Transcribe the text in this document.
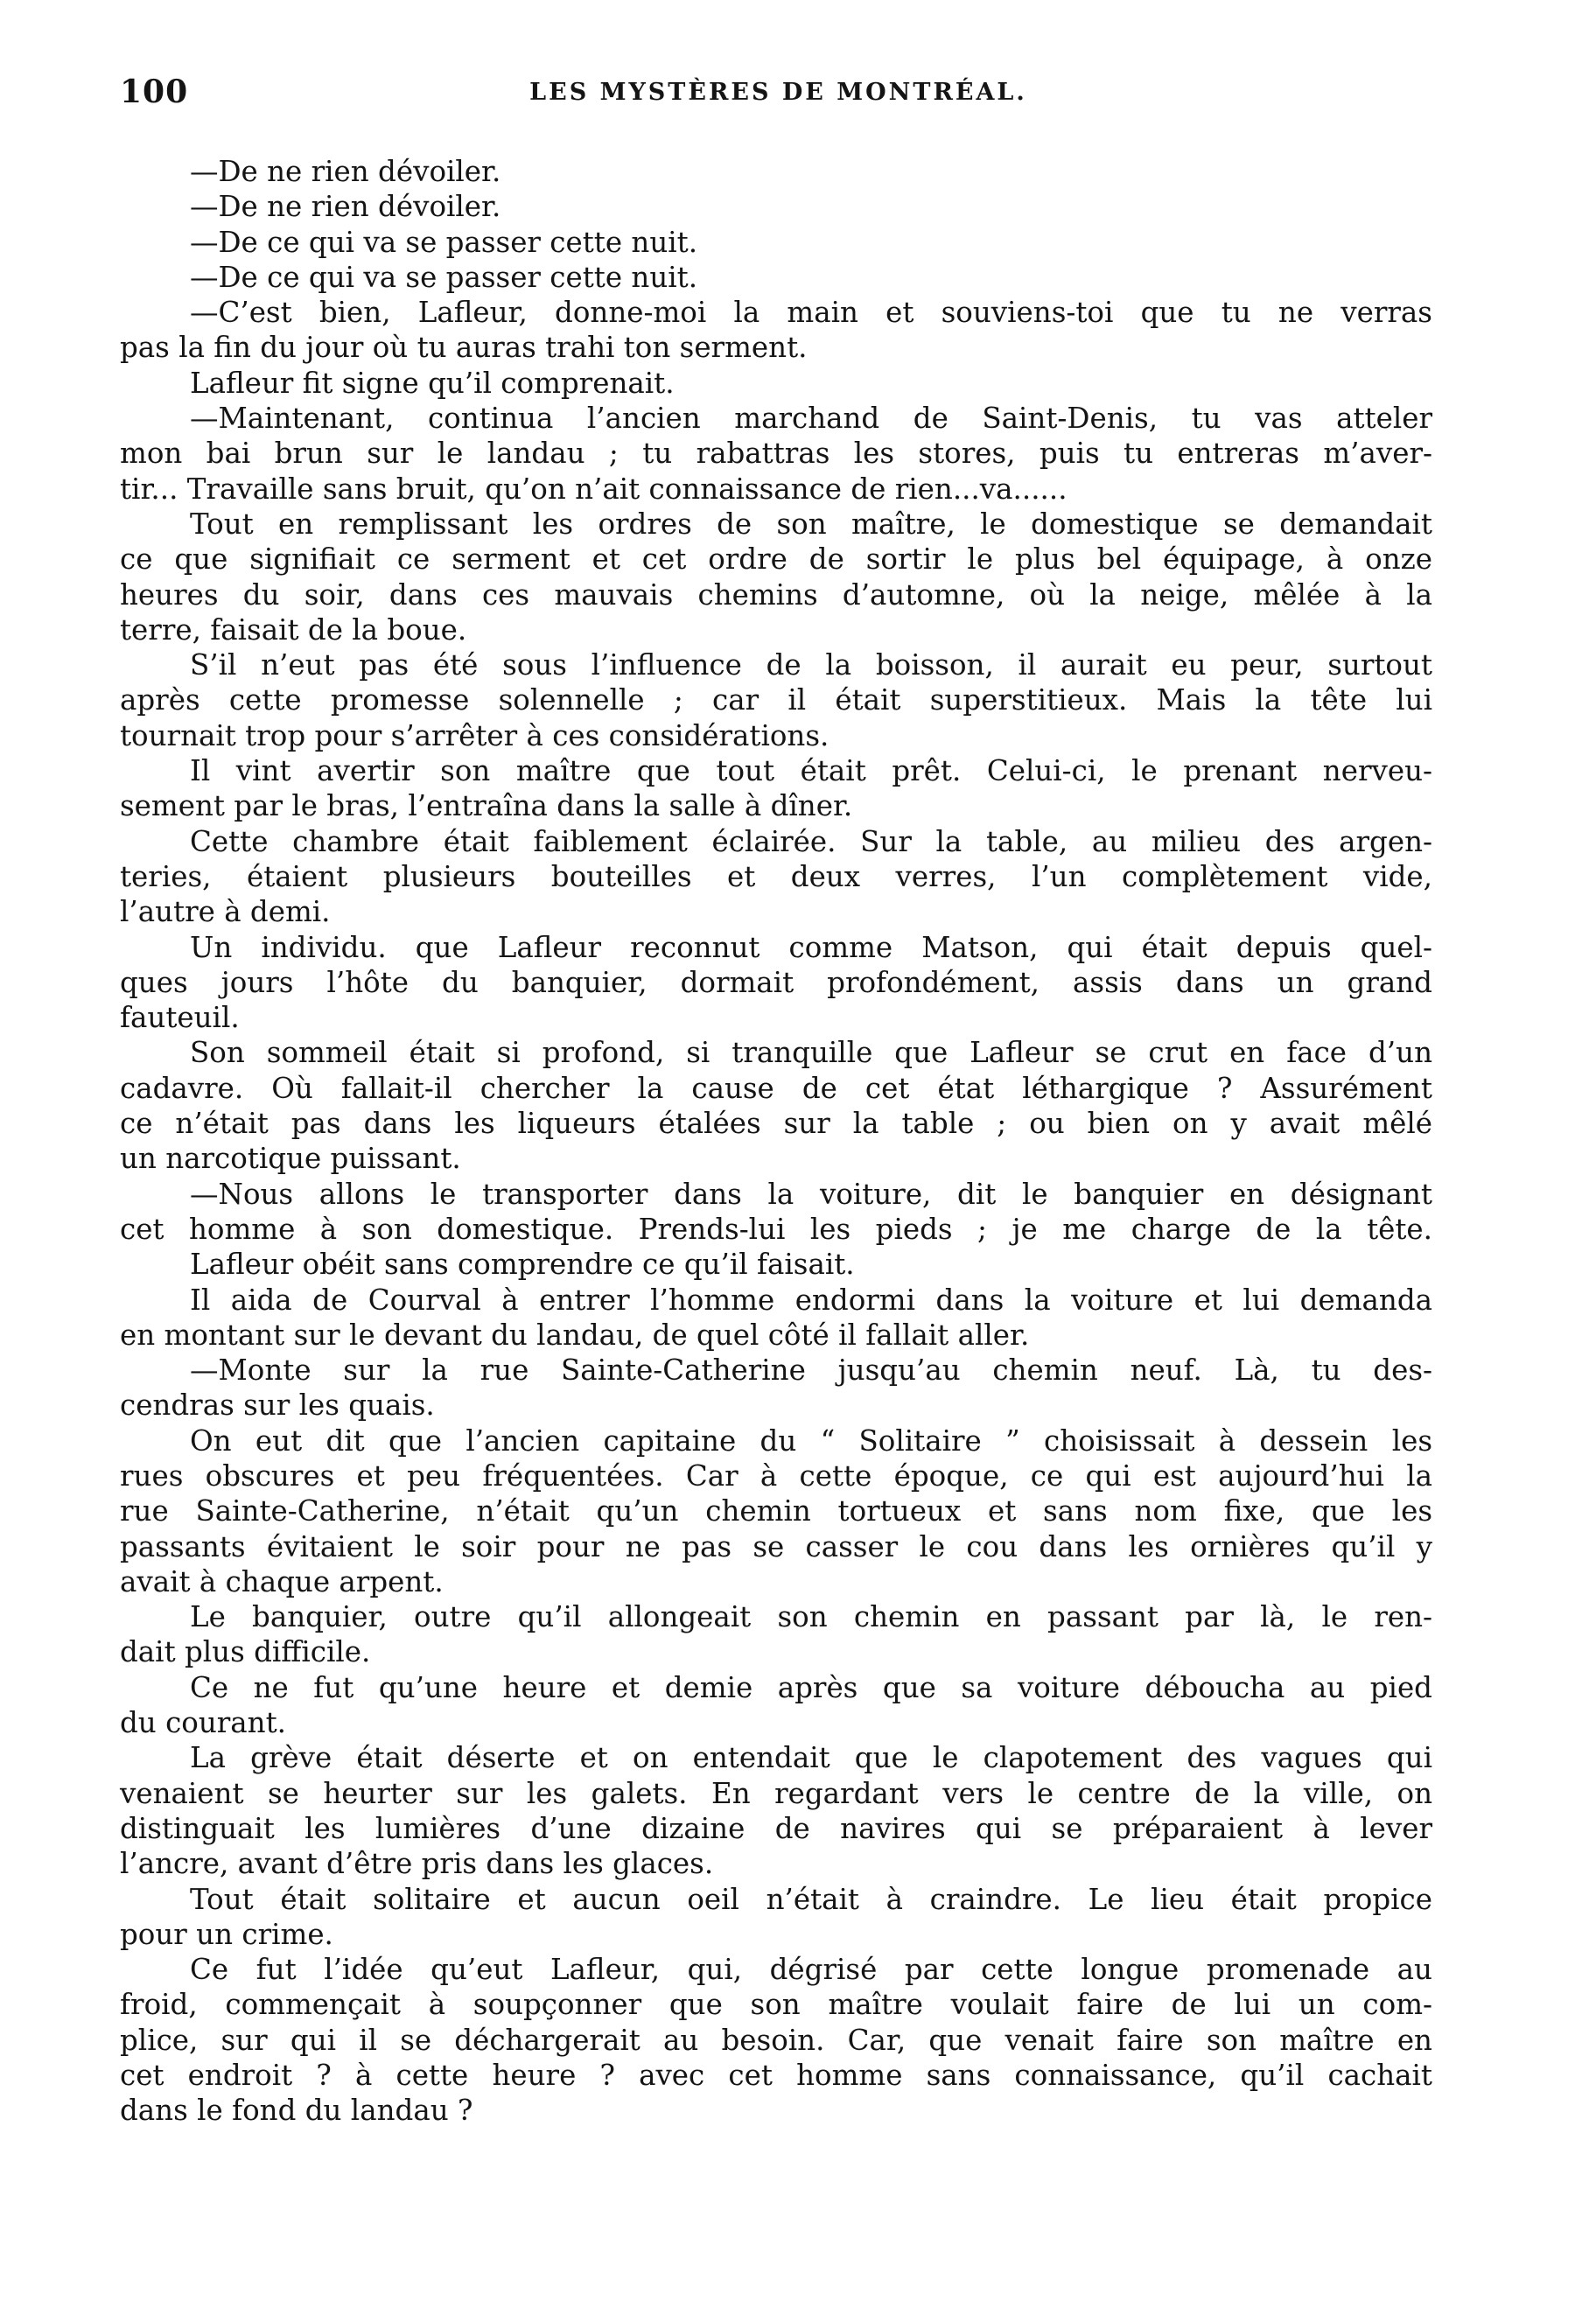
100	LES MYSTÈRES DE MONTRÉAL.
—De ne rien dévoiler.
—De ne rien dévoiler.
—De ce qui va se passer cette nuit.
—De ce qui va se passer cette nuit.
—C’est bien, Lafleur, donne-moi la main et souviens-toi que tu ne verras
pas la fin du jour où tu auras trahi ton serment.
Lafleur fit signe qu’il comprenait.
—Maintenant, continua l’ancien marchand de Saint-Denis, tu vas atteler
mon bai brun sur le landau ; tu rabattras les stores, puis tu entreras m’aver-
tir... Travaille sans bruit, qu’on n’ait connaissance de rien...va......
Tout en remplissant les ordres de son maître, le domestique se demandait
ce que signifiait ce serment et cet ordre de sortir le plus bel équipage, à onze
heures du soir, dans ces mauvais chemins d’automne, où la neige, mêlée à la
terre, faisait de la boue.
S’il n’eut pas été sous l’influence de la boisson, il aurait eu peur, surtout
après cette promesse solennelle ; car il était superstitieux. Mais la tête lui
tournait trop pour s’arrêter à ces considérations.
Il vint avertir son maître que tout était prêt. Celui-ci, le prenant nerveu-
sement par le bras, l’entraîna dans la salle à dîner.
Cette chambre était faiblement éclairée. Sur la table, au milieu des argen-
teries, étaient plusieurs bouteilles et deux verres, l’un complètement vide,
l’autre à demi.
Un individu. que Lafleur reconnut comme Matson, qui était depuis quel-
ques jours l’hôte du banquier, dormait profondément, assis dans un grand
fauteuil.
Son sommeil était si profond, si tranquille que Lafleur se crut en face d’un
cadavre. Où fallait-il chercher la cause de cet état léthargique ? Assurément
ce n’était pas dans les liqueurs étalées sur la table ; ou bien on y avait mêlé
un narcotique puissant.
—Nous allons le transporter dans la voiture, dit le banquier en désignant
cet homme à son domestique. Prends-lui les pieds ; je me charge de la tête.
Lafleur obéit sans comprendre ce qu’il faisait.
Il aida de Courval à entrer l’homme endormi dans la voiture et lui demanda
en montant sur le devant du landau, de quel côté il fallait aller.
—Monte sur la rue Sainte-Catherine jusqu’au chemin neuf. Là, tu des-
cendras sur les quais.
On eut dit que l’ancien capitaine du “ Solitaire ” choisissait à dessein les
rues obscures et peu fréquentées. Car à cette époque, ce qui est aujourd’hui la
rue Sainte-Catherine, n’était qu’un chemin tortueux et sans nom fixe, que les
passants évitaient le soir pour ne pas se casser le cou dans les ornières qu’il y
avait à chaque arpent.
Le banquier, outre qu’il allongeait son chemin en passant par là, le ren-
dait plus difficile.
Ce ne fut qu’une heure et demie après que sa voiture déboucha au pied
du courant.
La grève était déserte et on entendait que le clapotement des vagues qui
venaient se heurter sur les galets. En regardant vers le centre de la ville, on
distinguait les lumières d’une dizaine de navires qui se préparaient à lever
l’ancre, avant d’être pris dans les glaces.
Tout était solitaire et aucun oeil n’était à craindre. Le lieu était propice
pour un crime.
Ce fut l’idée qu’eut Lafleur, qui, dégrisé par cette longue promenade au
froid, commençait à soupçonner que son maître voulait faire de lui un com-
plice, sur qui il se déchargerait au besoin. Car, que venait faire son maître en
cet endroit ? à cette heure ? avec cet homme sans connaissance, qu’il cachait
dans le fond du landau ?
